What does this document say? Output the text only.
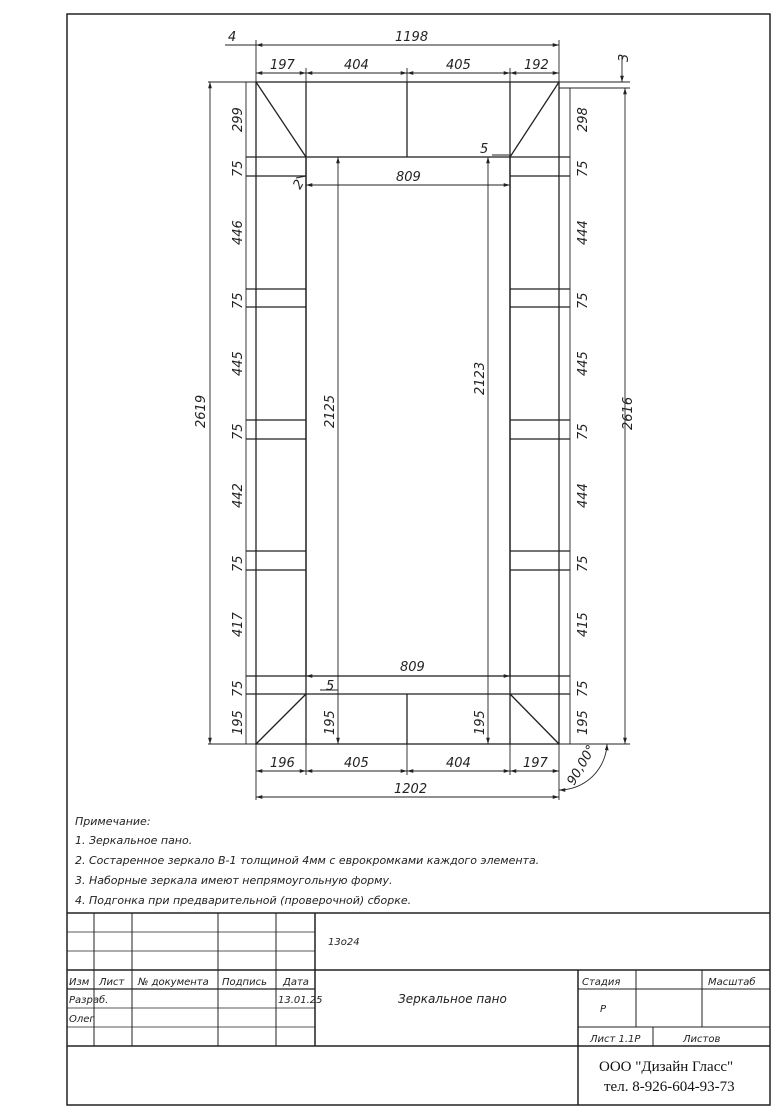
4	1198
197	404	405	192
3
2619	2616
299
75
446
75
445
75
442
75
417
75
195
298
75
444
75
445
75
444
75
415
75
195
809
809
2125
2123
5
5
2
195	195
196	405	404	197
1202
90,00°
Примечание:
1. Зеркальное пано.
2. Состаренное зеркало В-1 толщиной 4мм с еврокромками каждого элемента.
3. Наборные зеркала имеют непрямоугольную форму.
4. Подгонка при предварительной (проверочной) сборке.
13о24
Изм Лист № документа Подпись Дата
Разраб.
Олег
13.01.25	Зеркальное пано
Стадия	Масштаб
Р
Лист 1.1Р	Листов
ООО "Дизайн Гласс"
тел. 8-926-604-93-73
